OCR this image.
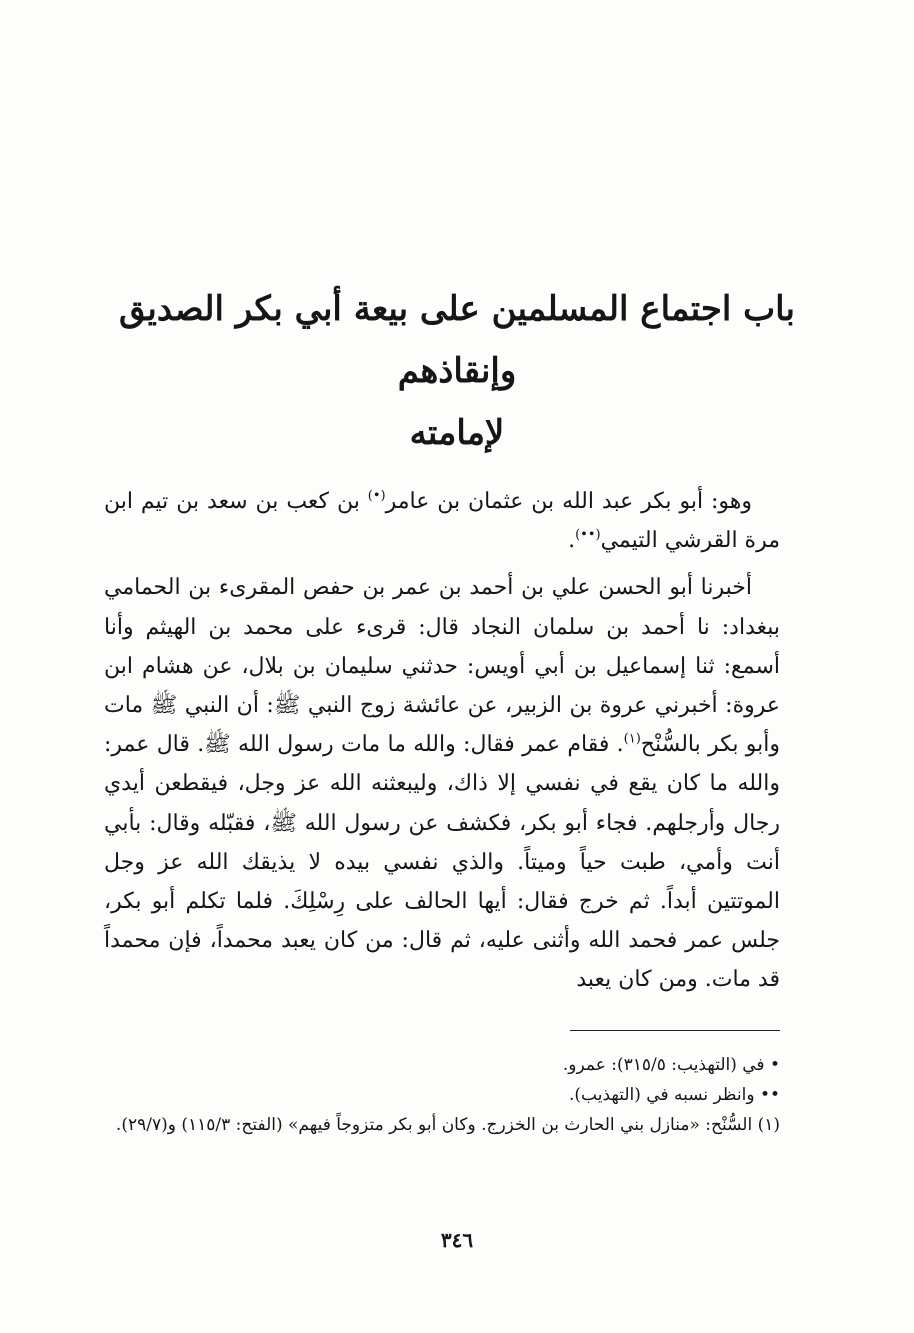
باب اجتماع المسلمين على بيعة أبي بكر الصديق وإنقاذهم
لإمامته

وهو: أبو بكر عبد الله بن عثمان بن عامر(•) بن كعب بن سعد بن تيم ابن مرة القرشي التيمي(••).

أخبرنا أبو الحسن علي بن أحمد بن عمر بن حفص المقرىء بن الحمامي ببغداد: نا أحمد بن سلمان النجاد قال: قرىء على محمد بن الهيثم وأنا أسمع: ثنا إسماعيل بن أبي أويس: حدثني سليمان بن بلال، عن هشام ابن عروة: أخبرني عروة بن الزبير، عن عائشة زوج النبي ﷺ: أن النبي ﷺ مات وأبو بكر بالسُّنْح$^{(١)}$. فقام عمر فقال: والله ما مات رسول الله ﷺ. قال عمر: والله ما كان يقع في نفسي إلا ذاك، وليبعثنه الله عز وجل، فيقطعن أيدي رجال وأرجلهم. فجاء أبو بكر، فكشف عن رسول الله ﷺ، فقبّله وقال: بأبي أنت وأمي، طبت حياً وميتاً. والذي نفسي بيده لا يذيقك الله عز وجل الموتتين أبداً. ثم خرج فقال: أيها الحالف على رِسْلِكَ. فلما تكلم أبو بكر، جلس عمر فحمد الله وأثنى عليه، ثم قال: من كان يعبد محمداً، فإن محمداً قد مات. ومن كان يعبد

• في (التهذيب: ٣١٥/٥): عمرو.

•• وانظر نسبه في (التهذيب).

(١) السُّنْح: «منازل بني الحارث بن الخزرج. وكان أبو بكر متزوجاً فيهم» (الفتح: ١١٥/٣) و(٢٩/٧).

٣٤٦
